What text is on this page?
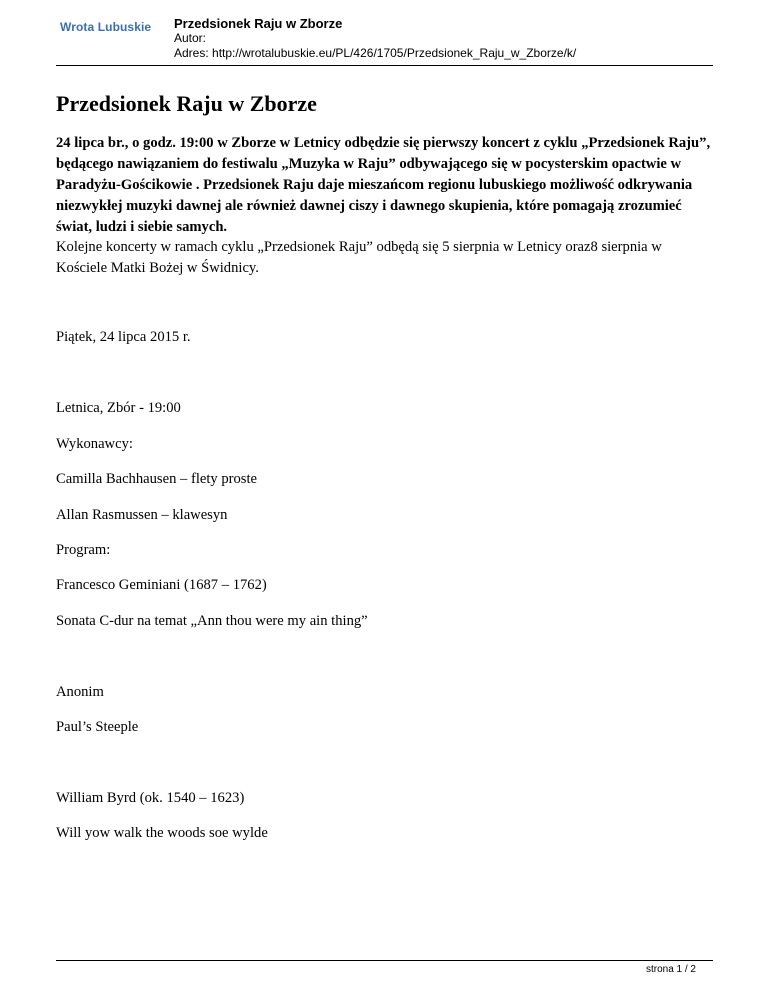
Wrota Lubuskie Przedsionek Raju w Zborze
Autor:
Adres: http://wrotalubuskie.eu/PL/426/1705/Przedsionek_Raju_w_Zborze/k/
Przedsionek Raju w Zborze

24 lipca br., o godz. 19:00 w Zborze w Letnicy odbędzie się pierwszy koncert z cyklu „Przedsionek Raju”, będącego nawiązaniem do festiwalu „Muzyka w Raju” odbywającego się w pocysterskim opactwie w Paradyżu-Gościkowie . Przedsionek Raju daje mieszańcom regionu lubuskiego możliwość odkrywania niezwykłej muzyki dawnej ale również dawnej ciszy i dawnego skupienia, które pomagają zrozumieć świat, ludzi i siebie samych.

Kolejne koncerty w ramach cyklu „Przedsionek Raju” odbędą się 5 sierpnia w Letnicy oraz8 sierpnia w Kościele Matki Bożej w Świdnicy.

Piątek, 24 lipca 2015 r.

Letnica, Zbór - 19:00

Wykonawcy:

Camilla Bachhausen – flety proste

Allan Rasmussen – klawesyn

Program:

Francesco Geminiani (1687 – 1762)

Sonata C-dur na temat „Ann thou were my ain thing”

Anonim

Paul’s Steeple

William Byrd (ok. 1540 – 1623)

Will yow walk the woods soe wylde

strona 1 / 2
